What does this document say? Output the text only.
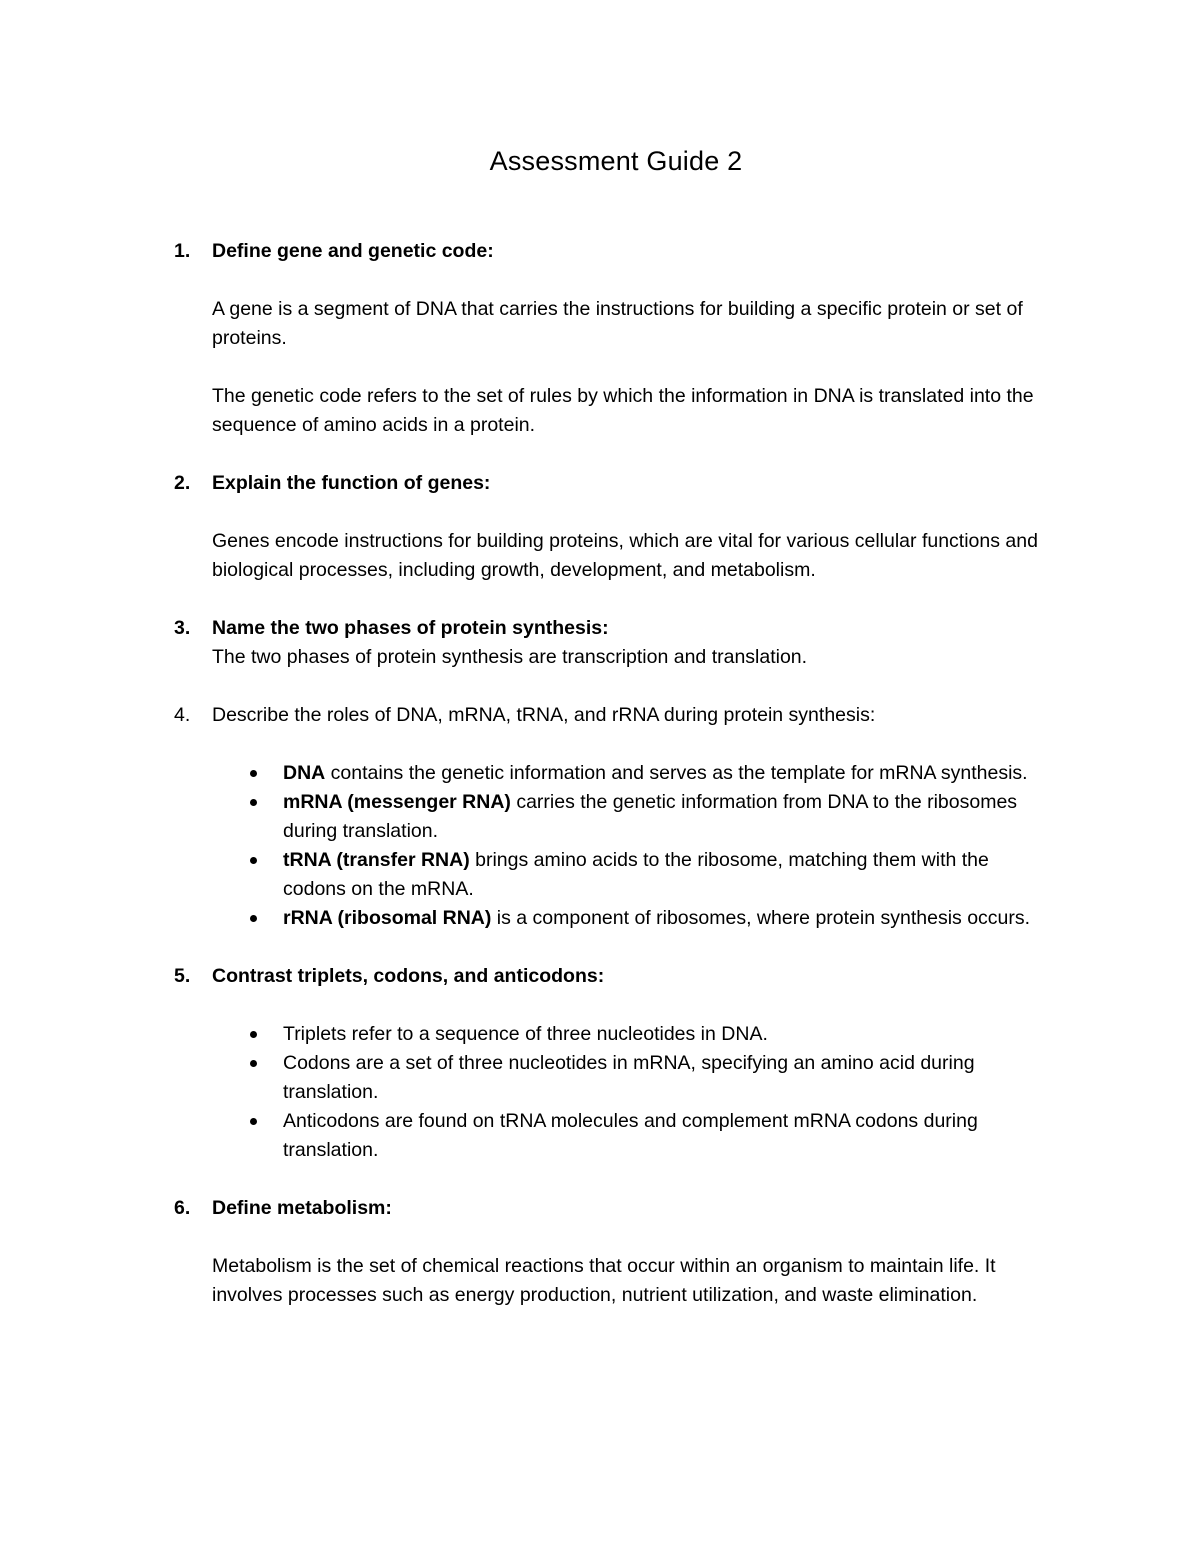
Assessment Guide 2
1. Define gene and genetic code:
A gene is a segment of DNA that carries the instructions for building a specific protein or set of proteins.
The genetic code refers to the set of rules by which the information in DNA is translated into the sequence of amino acids in a protein.
2. Explain the function of genes:
Genes encode instructions for building proteins, which are vital for various cellular functions and biological processes, including growth, development, and metabolism.
3. Name the two phases of protein synthesis:
The two phases of protein synthesis are transcription and translation.
4. Describe the roles of DNA, mRNA, tRNA, and rRNA during protein synthesis:
DNA contains the genetic information and serves as the template for mRNA synthesis.
mRNA (messenger RNA) carries the genetic information from DNA to the ribosomes during translation.
tRNA (transfer RNA) brings amino acids to the ribosome, matching them with the codons on the mRNA.
rRNA (ribosomal RNA) is a component of ribosomes, where protein synthesis occurs.
5. Contrast triplets, codons, and anticodons:
Triplets refer to a sequence of three nucleotides in DNA.
Codons are a set of three nucleotides in mRNA, specifying an amino acid during translation.
Anticodons are found on tRNA molecules and complement mRNA codons during translation.
6. Define metabolism:
Metabolism is the set of chemical reactions that occur within an organism to maintain life. It involves processes such as energy production, nutrient utilization, and waste elimination.
